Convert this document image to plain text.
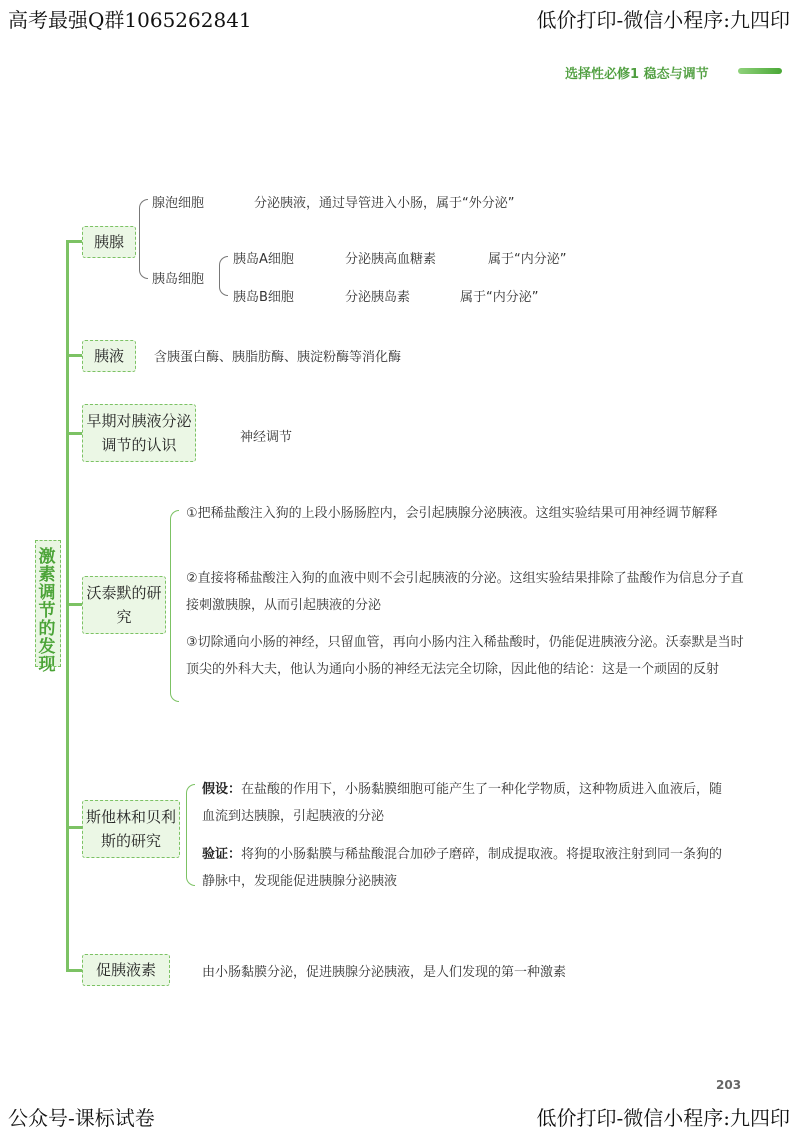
高考最强Q群1065262841	低价打印-微信小程序:九四印
公众号-课标试卷	低价打印-微信小程序:九四印
选择性必修1 稳态与调节
激素调节的发现
胰腺
腺泡细胞	分泌胰液，通过导管进入小肠，属于“外分泌”
胰岛细胞
胰岛A细胞	分泌胰高血糖素	属于“内分泌”
胰岛B细胞	分泌胰岛素	属于“内分泌”
胰液	含胰蛋白酶、胰脂肪酶、胰淀粉酶等消化酶
早期对胰液分泌调节的认识	神经调节
沃泰默的研究
①把稀盐酸注入狗的上段小肠肠腔内，会引起胰腺分泌胰液。这组实验结果可用神经调节解释
②直接将稀盐酸注入狗的血液中则不会引起胰液的分泌。这组实验结果排除了盐酸作为信息分子直接刺激胰腺，从而引起胰液的分泌
③切除通向小肠的神经，只留血管，再向小肠内注入稀盐酸时，仍能促进胰液分泌。沃泰默是当时顶尖的外科大夫，他认为通向小肠的神经无法完全切除，因此他的结论：这是一个顽固的反射
斯他林和贝利斯的研究
假设：在盐酸的作用下，小肠黏膜细胞可能产生了一种化学物质，这种物质进入血液后，随血流到达胰腺，引起胰液的分泌
验证：将狗的小肠黏膜与稀盐酸混合加砂子磨碎，制成提取液。将提取液注射到同一条狗的静脉中，发现能促进胰腺分泌胰液
促胰液素	由小肠黏膜分泌，促进胰腺分泌胰液，是人们发现的第一种激素
203
